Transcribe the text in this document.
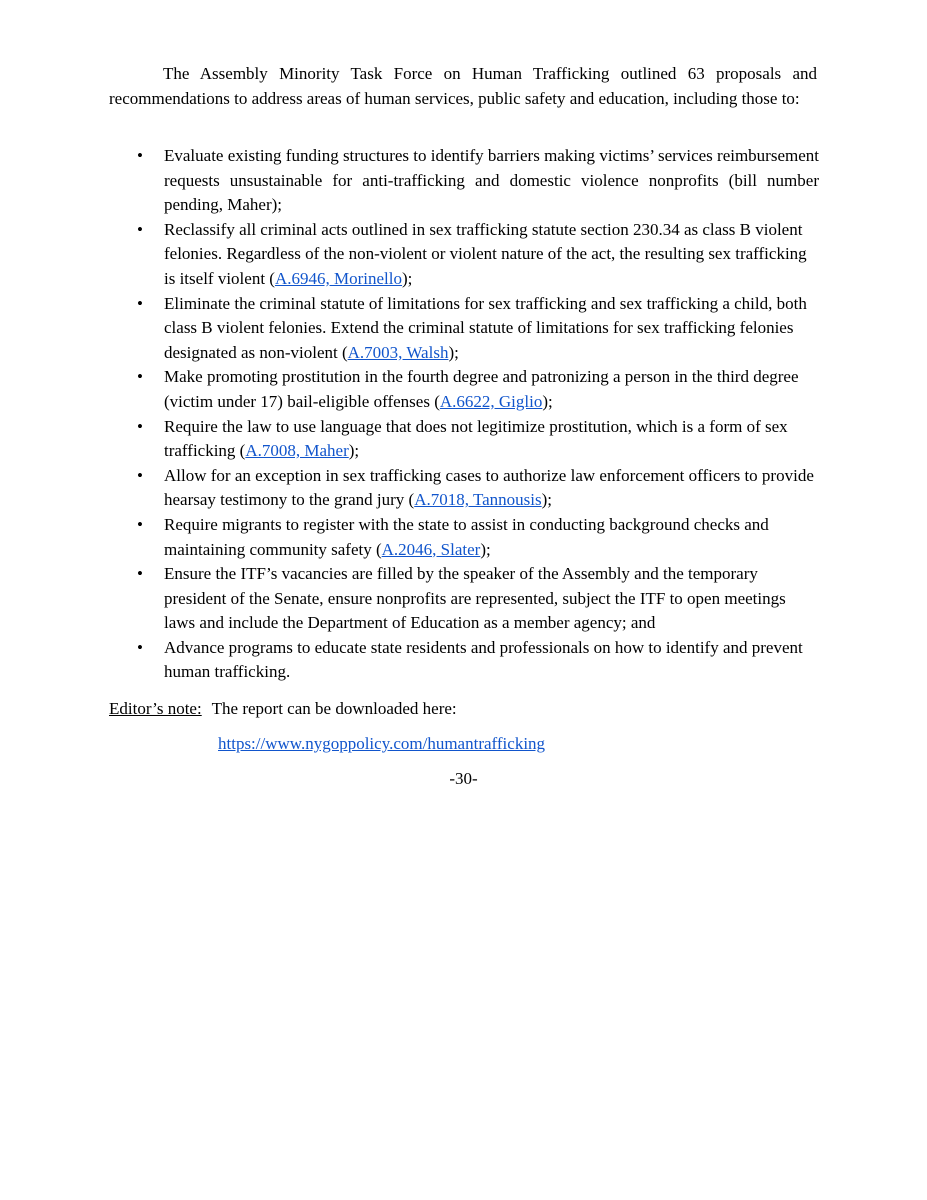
The Assembly Minority Task Force on Human Trafficking outlined 63 proposals and recommendations to address areas of human services, public safety and education, including those to:

• Evaluate existing funding structures to identify barriers making victims’ services reimbursement requests unsustainable for anti-trafficking and domestic violence nonprofits (bill number pending, Maher);
• Reclassify all criminal acts outlined in sex trafficking statute section 230.34 as class B violent felonies. Regardless of the non-violent or violent nature of the act, the resulting sex trafficking is itself violent (A.6946, Morinello);
• Eliminate the criminal statute of limitations for sex trafficking and sex trafficking a child, both class B violent felonies. Extend the criminal statute of limitations for sex trafficking felonies designated as non-violent (A.7003, Walsh);
• Make promoting prostitution in the fourth degree and patronizing a person in the third degree (victim under 17) bail-eligible offenses (A.6622, Giglio);
• Require the law to use language that does not legitimize prostitution, which is a form of sex trafficking (A.7008, Maher);
• Allow for an exception in sex trafficking cases to authorize law enforcement officers to provide hearsay testimony to the grand jury (A.7018, Tannousis);
• Require migrants to register with the state to assist in conducting background checks and maintaining community safety (A.2046, Slater);
• Ensure the ITF’s vacancies are filled by the speaker of the Assembly and the temporary president of the Senate, ensure nonprofits are represented, subject the ITF to open meetings laws and include the Department of Education as a member agency; and
• Advance programs to educate state residents and professionals on how to identify and prevent human trafficking.

Editor’s note: The report can be downloaded here:

https://www.nygoppolicy.com/humantrafficking

-30-
